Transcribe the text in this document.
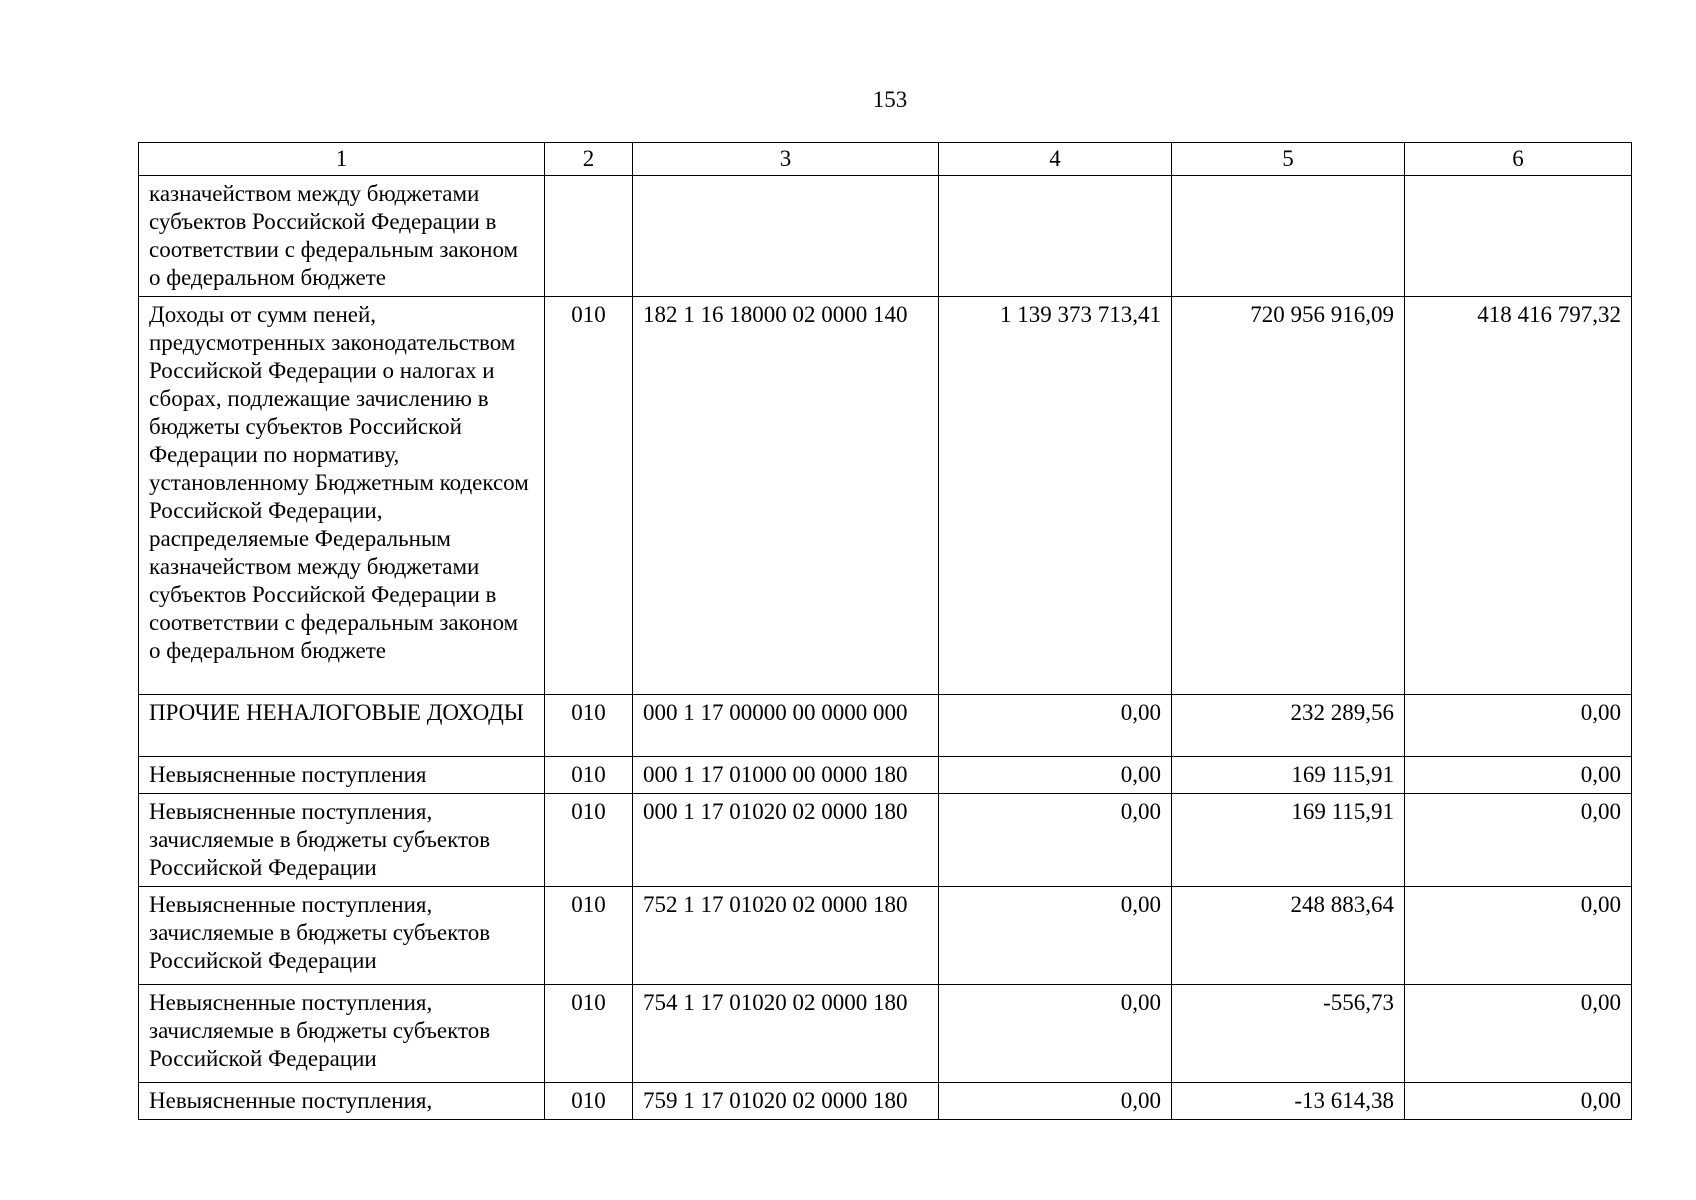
153
1	2	3	4	5	6
казначейством между бюджетами субъектов Российской Федерации в соответствии с федеральным законом о федеральном бюджете					
Доходы от сумм пеней, предусмотренных законодательством Российской Федерации о налогах и сборах, подлежащие зачислению в бюджеты субъектов Российской Федерации по нормативу, установленному Бюджетным кодексом Российской Федерации, распределяемые Федеральным казначейством между бюджетами субъектов Российской Федерации в соответствии с федеральным законом о федеральном бюджете	010	182 1 16 18000 02 0000 140	1 139 373 713,41	720 956 916,09	418 416 797,32
ПРОЧИЕ НЕНАЛОГОВЫЕ ДОХОДЫ	010	000 1 17 00000 00 0000 000	0,00	232 289,56	0,00
Невыясненные поступления	010	000 1 17 01000 00 0000 180	0,00	169 115,91	0,00
Невыясненные поступления, зачисляемые в бюджеты субъектов Российской Федерации	010	000 1 17 01020 02 0000 180	0,00	169 115,91	0,00
Невыясненные поступления, зачисляемые в бюджеты субъектов Российской Федерации	010	752 1 17 01020 02 0000 180	0,00	248 883,64	0,00
Невыясненные поступления, зачисляемые в бюджеты субъектов Российской Федерации	010	754 1 17 01020 02 0000 180	0,00	-556,73	0,00
Невыясненные поступления,	010	759 1 17 01020 02 0000 180	0,00	-13 614,38	0,00
